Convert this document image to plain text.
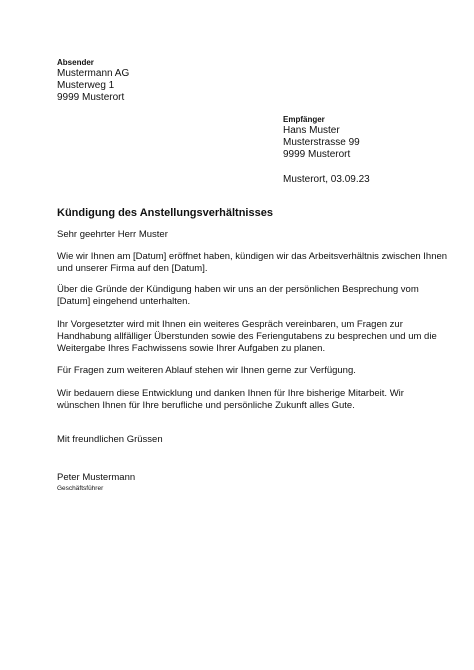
Absender
Mustermann AG
Musterweg 1
9999 Musterort
Empfänger
Hans Muster
Musterstrasse 99
9999 Musterort
Musterort, 03.09.23
Kündigung des Anstellungsverhältnisses
Sehr geehrter Herr Muster
Wie wir Ihnen am [Datum] eröffnet haben, kündigen wir das Arbeitsverhältnis zwischen Ihnen
und unserer Firma auf den [Datum].
Über die Gründe der Kündigung haben wir uns an der persönlichen Besprechung vom
[Datum] eingehend unterhalten.
Ihr Vorgesetzter wird mit Ihnen ein weiteres Gespräch vereinbaren, um Fragen zur
Handhabung allfälliger Überstunden sowie des Feriengutabens zu besprechen und um die
Weitergabe Ihres Fachwissens sowie Ihrer Aufgaben zu planen.
Für Fragen zum weiteren Ablauf stehen wir Ihnen gerne zur Verfügung.
Wir bedauern diese Entwicklung und danken Ihnen für Ihre bisherige Mitarbeit. Wir
wünschen Ihnen für Ihre berufliche und persönliche Zukunft alles Gute.
Mit freundlichen Grüssen
Peter Mustermann
Geschäftsführer
